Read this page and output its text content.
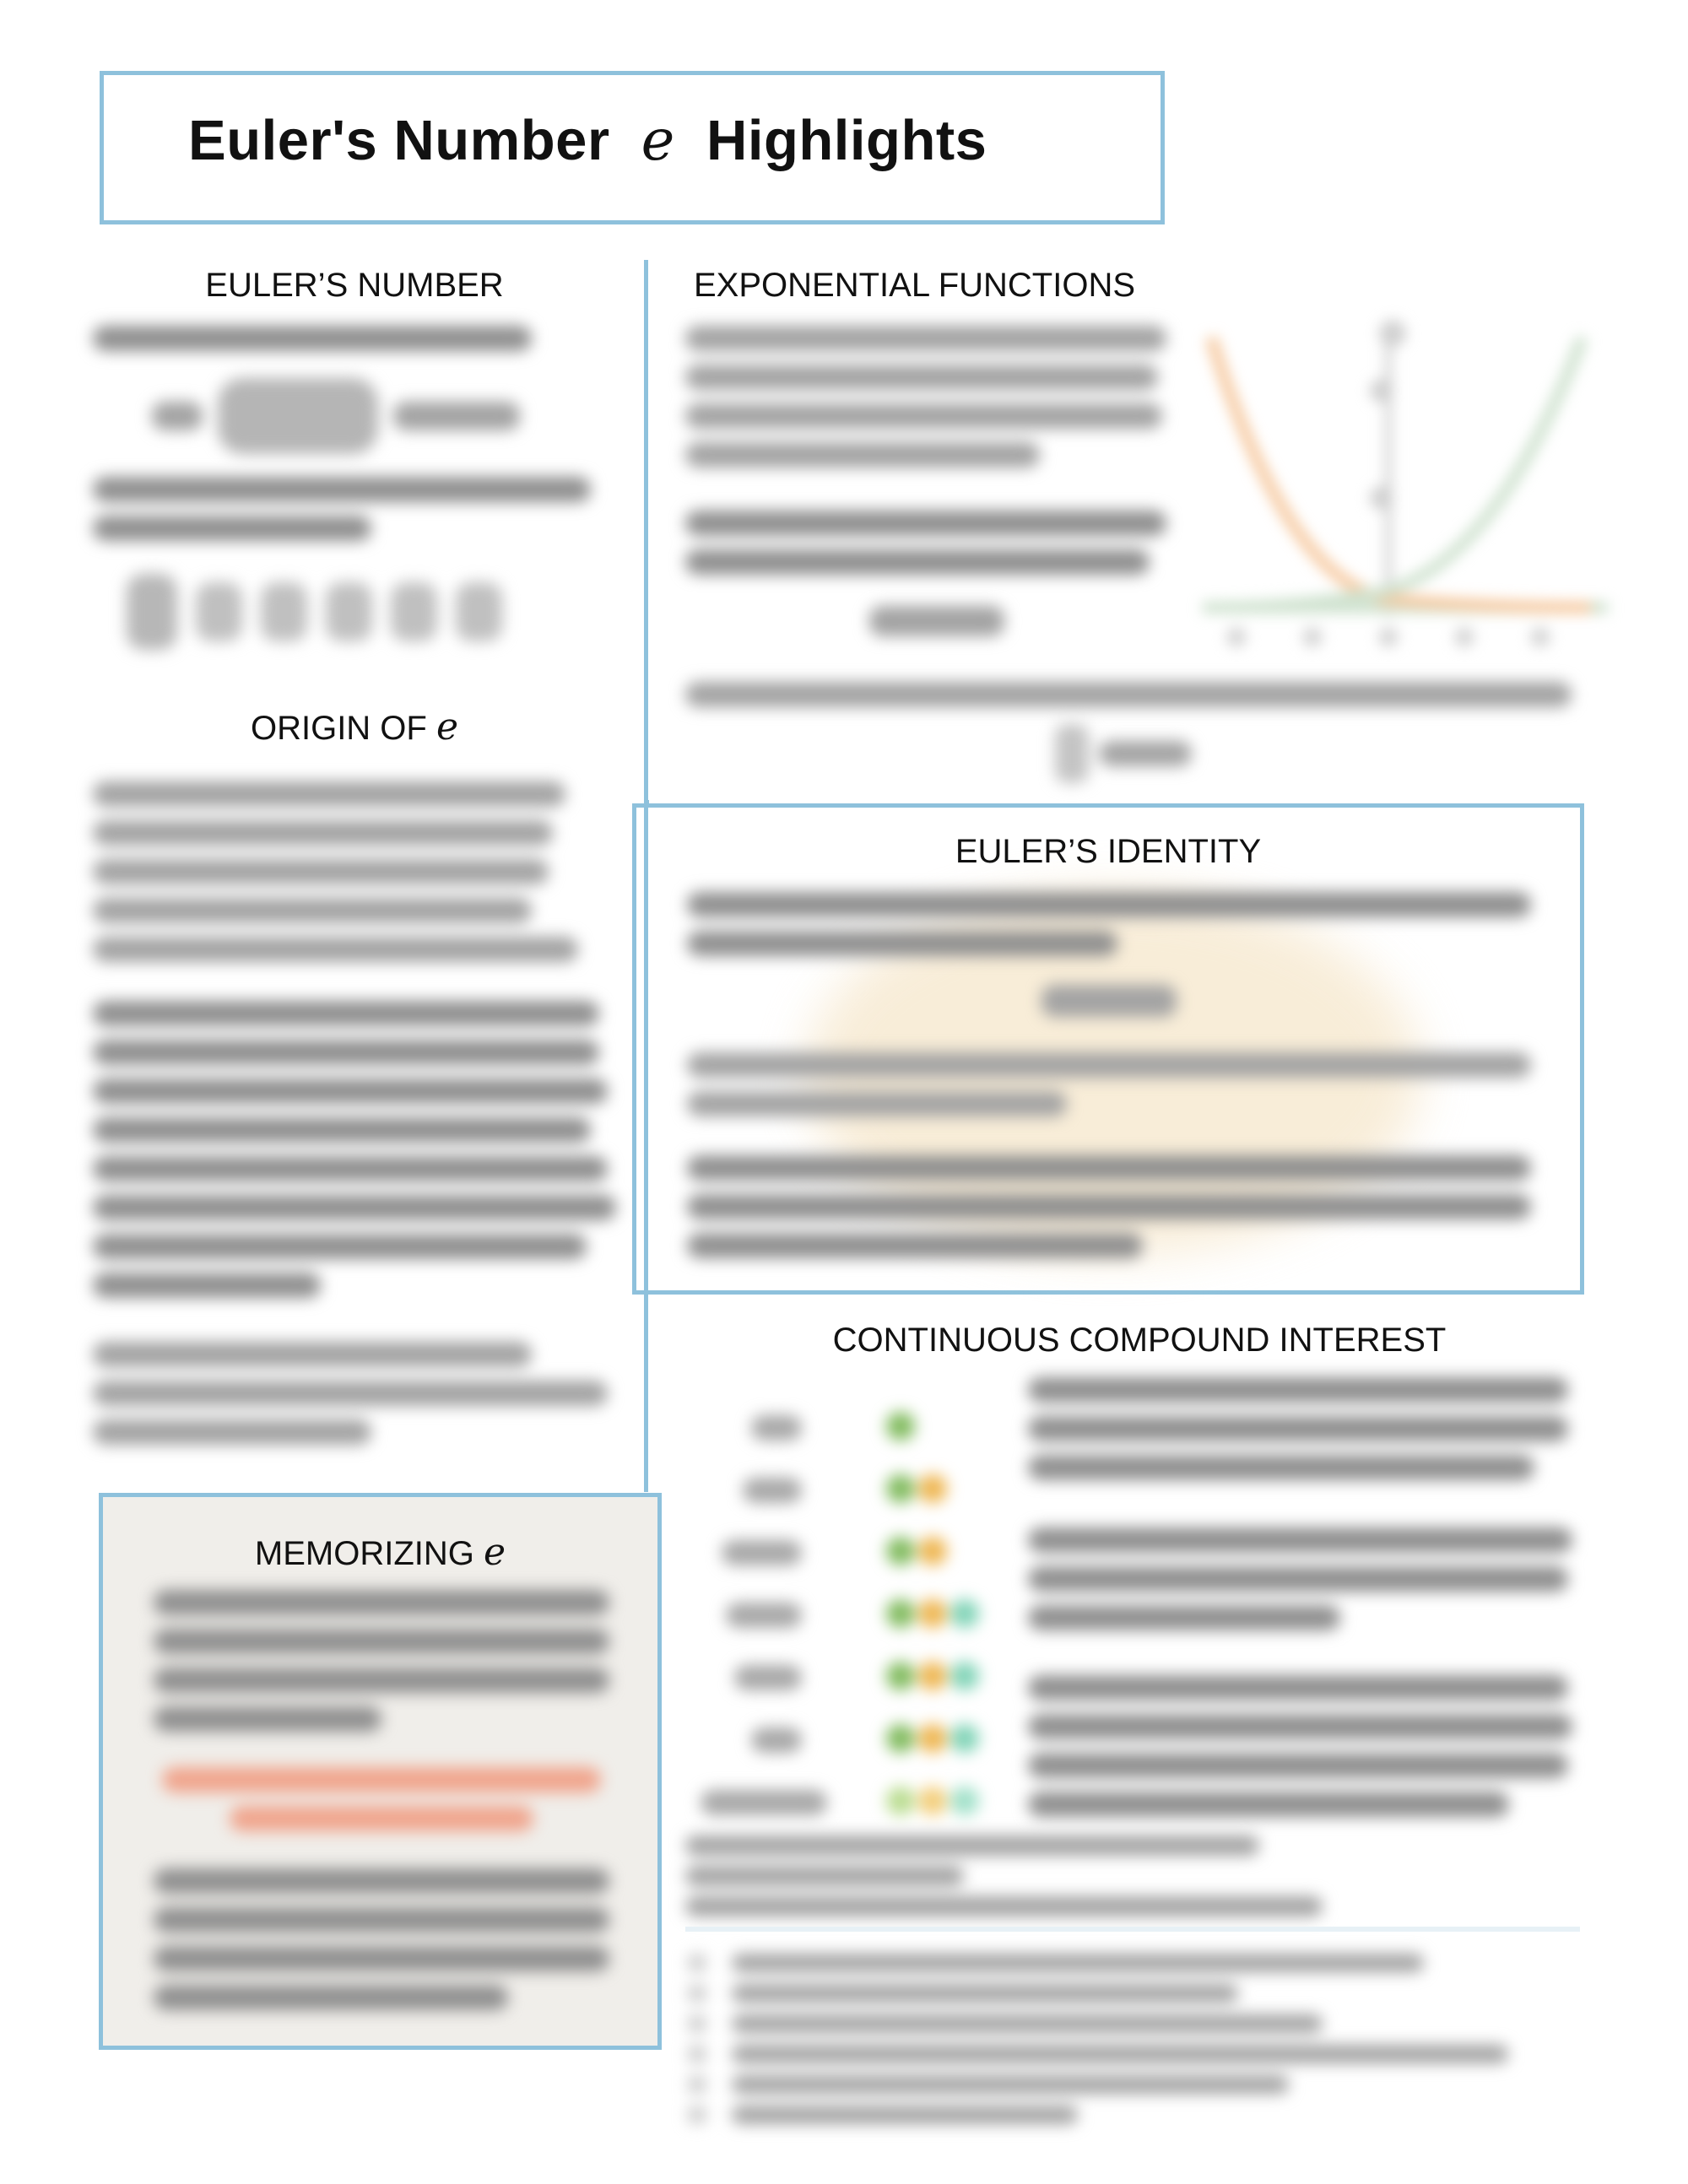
Euler's Number e Highlights
EULER’S NUMBER
ORIGIN OF e
MEMORIZING e
EXPONENTIAL FUNCTIONS
EULER’S IDENTITY
CONTINUOUS COMPOUND INTEREST
